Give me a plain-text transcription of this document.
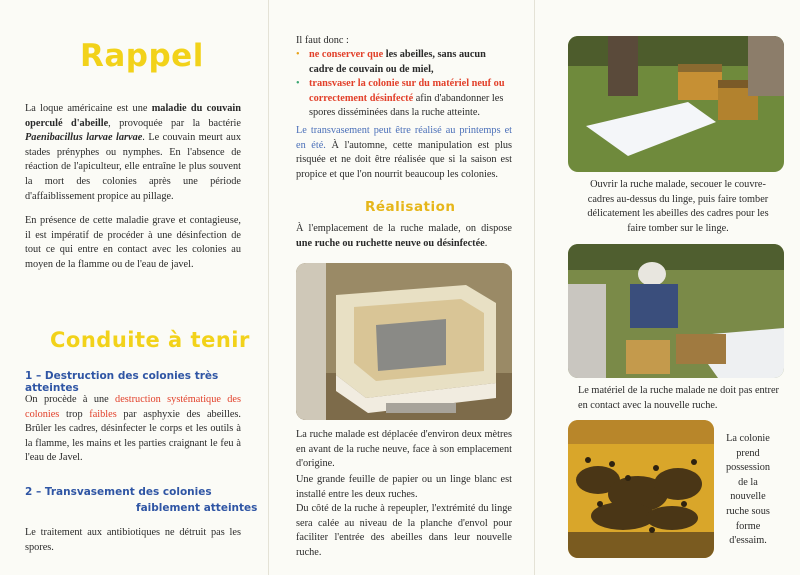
Rappel
La loque américaine est une maladie du couvain operculé d'abeille, provoquée par la bactérie Paenibacillus larvae larvae. Le couvain meurt aux stades prényphes ou nymphes. En l'absence de réaction de l'apiculteur, elle entraîne le plus souvent la mort des colonies après une période d'affaiblissement propice au pillage.
En présence de cette maladie grave et contagieuse, il est impératif de procéder à une désinfection de tout ce qui entre en contact avec les colonies au moyen de la flamme ou de l'eau de javel.
Conduite à tenir
1 – Destruction des colonies très atteintes
On procède à une destruction systématique des colonies trop faibles par asphyxie des abeilles. Brûler les cadres, désinfecter le corps et les outils à la flamme, les mains et les parties craignant le feu à l'eau de Javel.
2 – Transvasement des colonies
faiblement atteintes
Le traitement aux antibiotiques ne détruit pas les spores.
Il faut donc :
• ne conserver que les abeilles, sans aucun cadre de couvain ou de miel,
• transvaser la colonie sur du matériel neuf ou correctement désinfecté afin d'abandonner les spores disséminées dans la ruche atteinte.
Le transvasement peut être réalisé au printemps et en été. À l'automne, cette manipulation est plus risquée et ne doit être réalisée que si la saison est propice et que l'on nourrit beaucoup les colonies.
Réalisation
À l'emplacement de la ruche malade, on dispose une ruche ou ruchette neuve ou désinfectée.
La ruche malade est déplacée d'environ deux mètres en avant de la ruche neuve, face à son emplacement d'origine.
Une grande feuille de papier ou un linge blanc est installé entre les deux ruches.
Du côté de la ruche à repeupler, l'extrémité du linge sera calée au niveau de la planche d'envol pour faciliter l'entrée des abeilles dans leur nouvelle ruche.
Ouvrir la ruche malade, secouer le couvre-cadres au-dessus du linge, puis faire tomber délicatement les abeilles des cadres pour les faire tomber sur le linge.
Le matériel de la ruche malade ne doit pas entrer en contact avec la nouvelle ruche.
La colonie prend possession de la nouvelle ruche sous forme d'essaim.
